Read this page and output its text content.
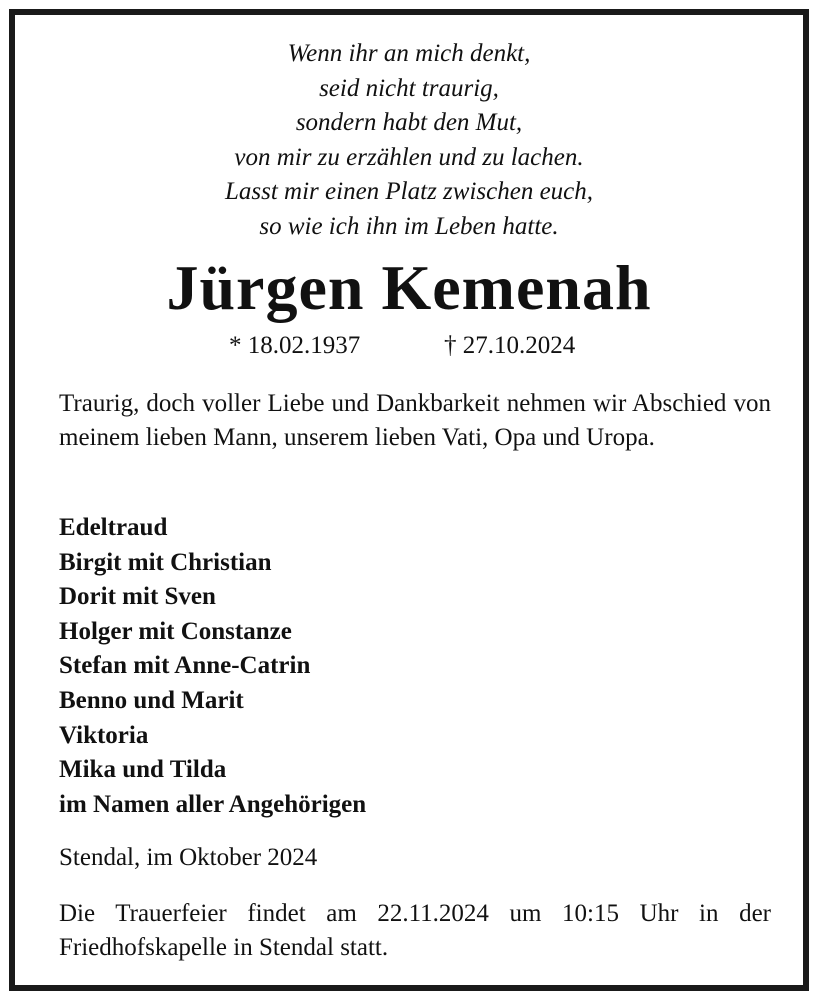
Wenn ihr an mich denkt,
seid nicht traurig,
sondern habt den Mut,
von mir zu erzählen und zu lachen.
Lasst mir einen Platz zwischen euch,
so wie ich ihn im Leben hatte.
Jürgen Kemenah
* 18.02.1937	† 27.10.2024
Traurig, doch voller Liebe und Dankbarkeit nehmen wir Abschied von meinem lieben Mann, unserem lieben Vati, Opa und Uropa.
Edeltraud
Birgit mit Christian
Dorit mit Sven
Holger mit Constanze
Stefan mit Anne-Catrin
Benno und Marit
Viktoria
Mika und Tilda
im Namen aller Angehörigen
Stendal, im Oktober 2024
Die Trauerfeier findet am 22.11.2024 um 10:15 Uhr in der Friedhofskapelle in Stendal statt.
